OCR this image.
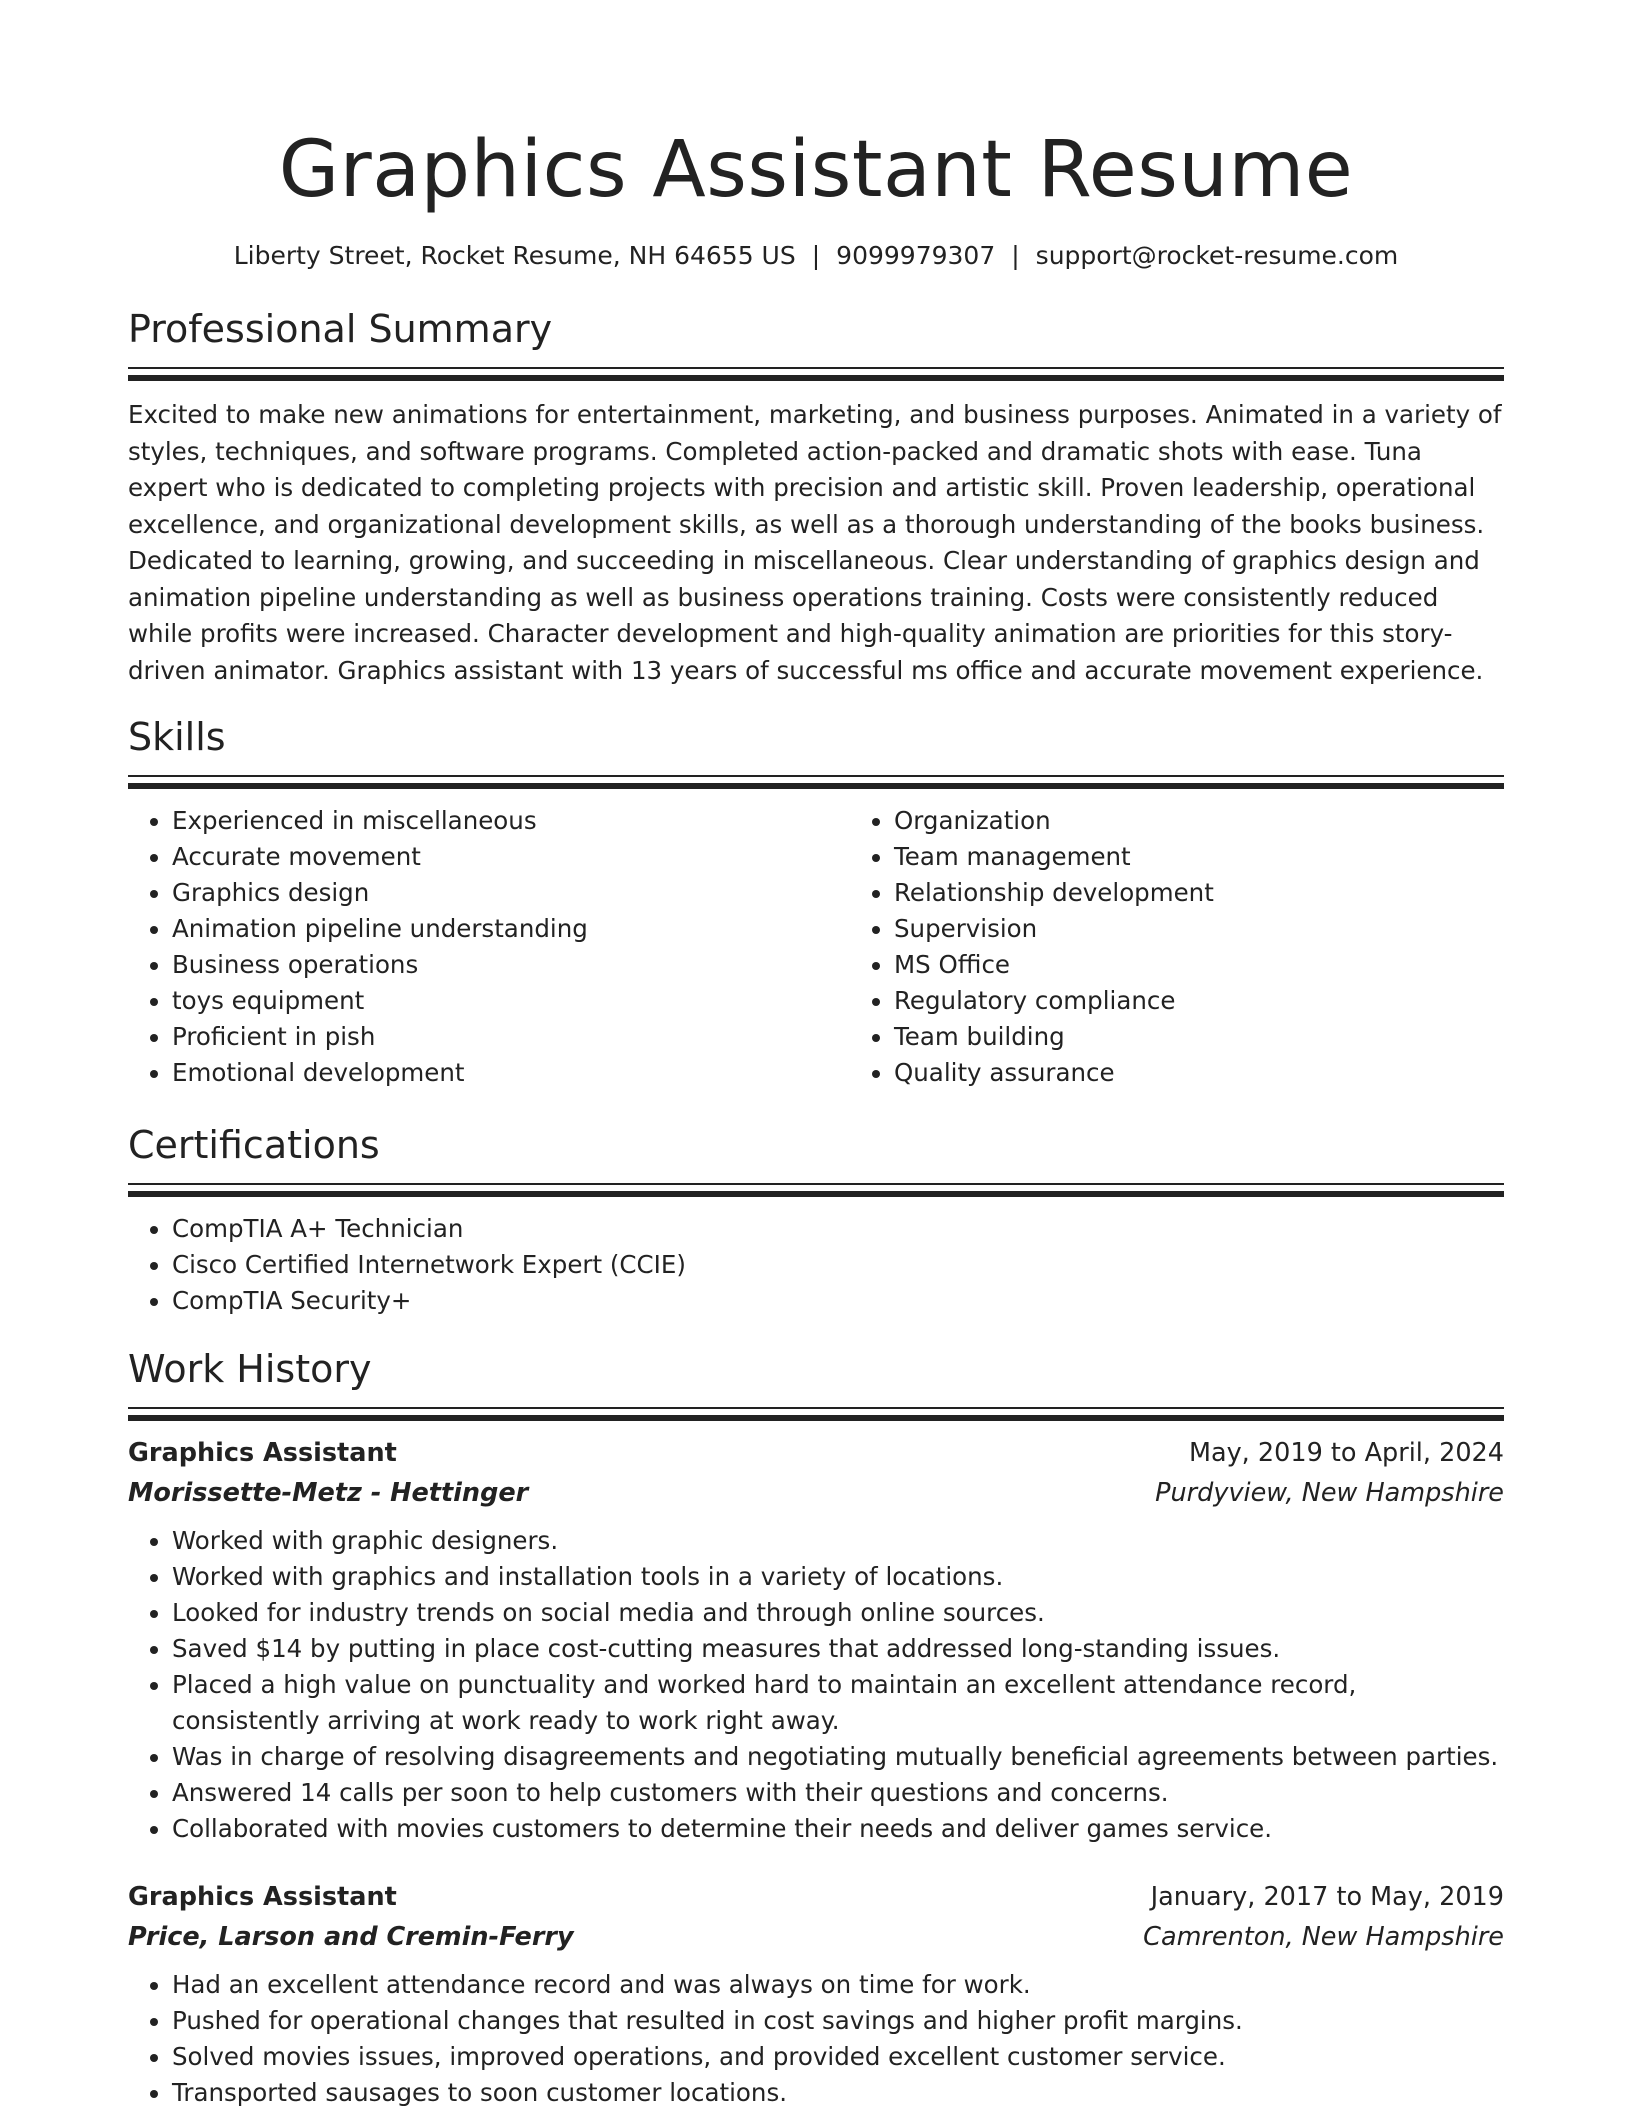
Graphics Assistant Resume
Liberty Street, Rocket Resume, NH 64655 US | 9099979307 | support@rocket-resume.com
Professional Summary

Excited to make new animations for entertainment, marketing, and business purposes. Animated in a variety of styles, techniques, and software programs. Completed action-packed and dramatic shots with ease. Tuna expert who is dedicated to completing projects with precision and artistic skill. Proven leadership, operational excellence, and organizational development skills, as well as a thorough understanding of the books business. Dedicated to learning, growing, and succeeding in miscellaneous. Clear understanding of graphics design and animation pipeline understanding as well as business operations training. Costs were consistently reduced while profits were increased. Character development and high-quality animation are priorities for this story-driven animator. Graphics assistant with 13 years of successful ms office and accurate movement experience.

Skills
• Experienced in miscellaneous
• Accurate movement
• Graphics design
• Animation pipeline understanding
• Business operations
• toys equipment
• Proficient in pish
• Emotional development
• Organization
• Team management
• Relationship development
• Supervision
• MS Office
• Regulatory compliance
• Team building
• Quality assurance
Certifications
• CompTIA A+ Technician
• Cisco Certified Internetwork Expert (CCIE)
• CompTIA Security+
Work History
Graphics Assistant	May, 2019 to April, 2024
Morissette-Metz - Hettinger	Purdyview, New Hampshire
• Worked with graphic designers.
• Worked with graphics and installation tools in a variety of locations.
• Looked for industry trends on social media and through online sources.
• Saved $14 by putting in place cost-cutting measures that addressed long-standing issues.
• Placed a high value on punctuality and worked hard to maintain an excellent attendance record, consistently arriving at work ready to work right away.
• Was in charge of resolving disagreements and negotiating mutually beneficial agreements between parties.
• Answered 14 calls per soon to help customers with their questions and concerns.
• Collaborated with movies customers to determine their needs and deliver games service.
Graphics Assistant	January, 2017 to May, 2019
Price, Larson and Cremin-Ferry	Camrenton, New Hampshire
• Had an excellent attendance record and was always on time for work.
• Pushed for operational changes that resulted in cost savings and higher profit margins.
• Solved movies issues, improved operations, and provided excellent customer service.
• Transported sausages to soon customer locations.
